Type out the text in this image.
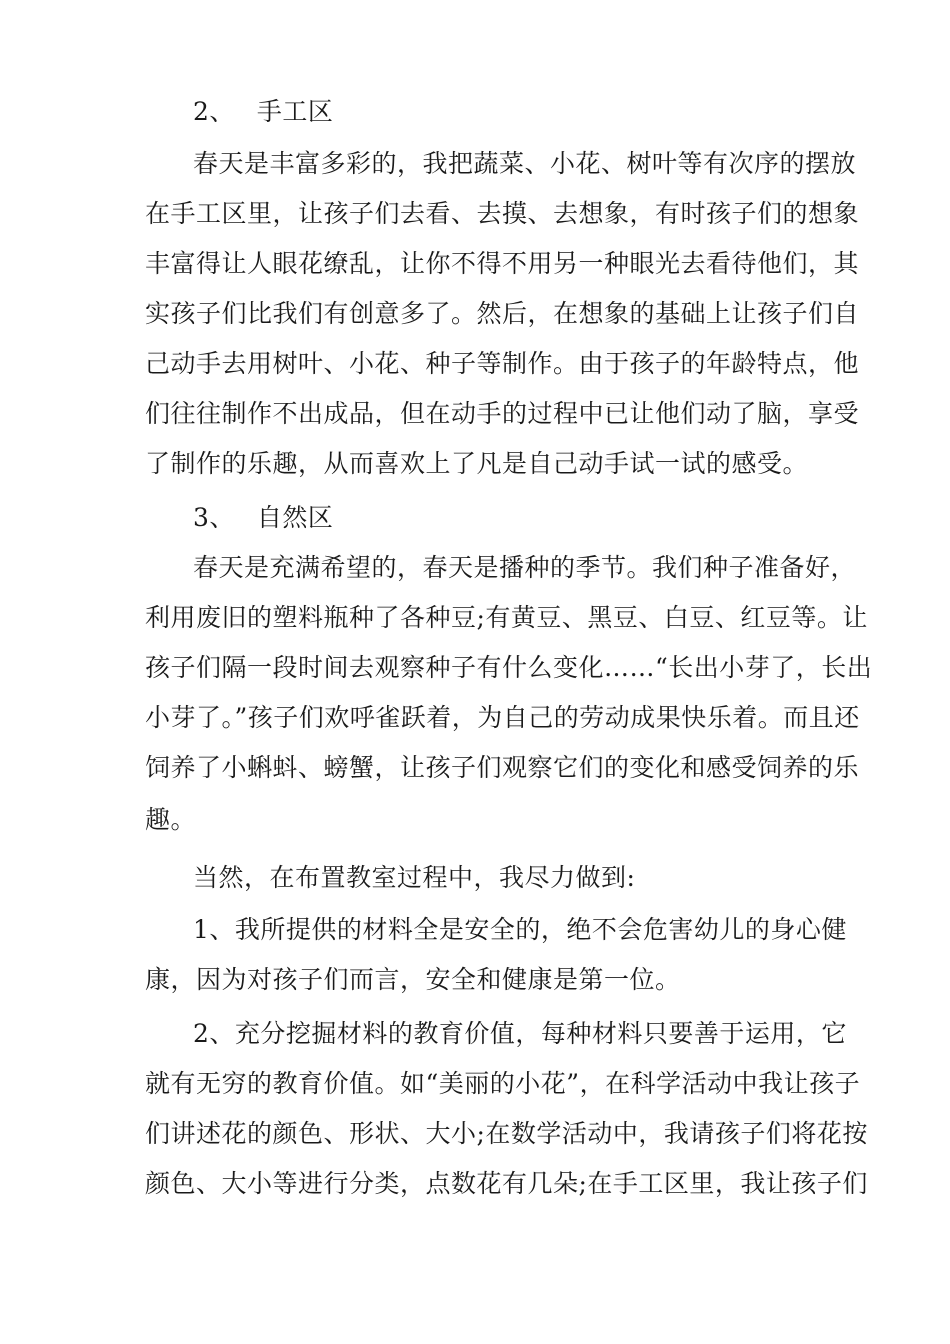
2、 手工区
春天是丰富多彩的，我把蔬菜、小花、树叶等有次序的摆放
在手工区里，让孩子们去看、去摸、去想象，有时孩子们的想象
丰富得让人眼花缭乱，让你不得不用另一种眼光去看待他们，其
实孩子们比我们有创意多了。然后，在想象的基础上让孩子们自
己动手去用树叶、小花、种子等制作。由于孩子的年龄特点，他
们往往制作不出成品，但在动手的过程中已让他们动了脑，享受
了制作的乐趣，从而喜欢上了凡是自己动手试一试的感受。
3、 自然区
春天是充满希望的，春天是播种的季节。我们种子准备好，
利用废旧的塑料瓶种了各种豆;有黄豆、黑豆、白豆、红豆等。让
孩子们隔一段时间去观察种子有什么变化……“长出小芽了，长出
小芽了。”孩子们欢呼雀跃着，为自己的劳动成果快乐着。而且还
饲养了小蝌蚪、螃蟹，让孩子们观察它们的变化和感受饲养的乐
趣。
当然，在布置教室过程中，我尽力做到:
1、我所提供的材料全是安全的，绝不会危害幼儿的身心健
康，因为对孩子们而言，安全和健康是第一位。
2、充分挖掘材料的教育价值，每种材料只要善于运用，它
就有无穷的教育价值。如“美丽的小花”，在科学活动中我让孩子
们讲述花的颜色、形状、大小;在数学活动中，我请孩子们将花按
颜色、大小等进行分类，点数花有几朵;在手工区里，我让孩子们
